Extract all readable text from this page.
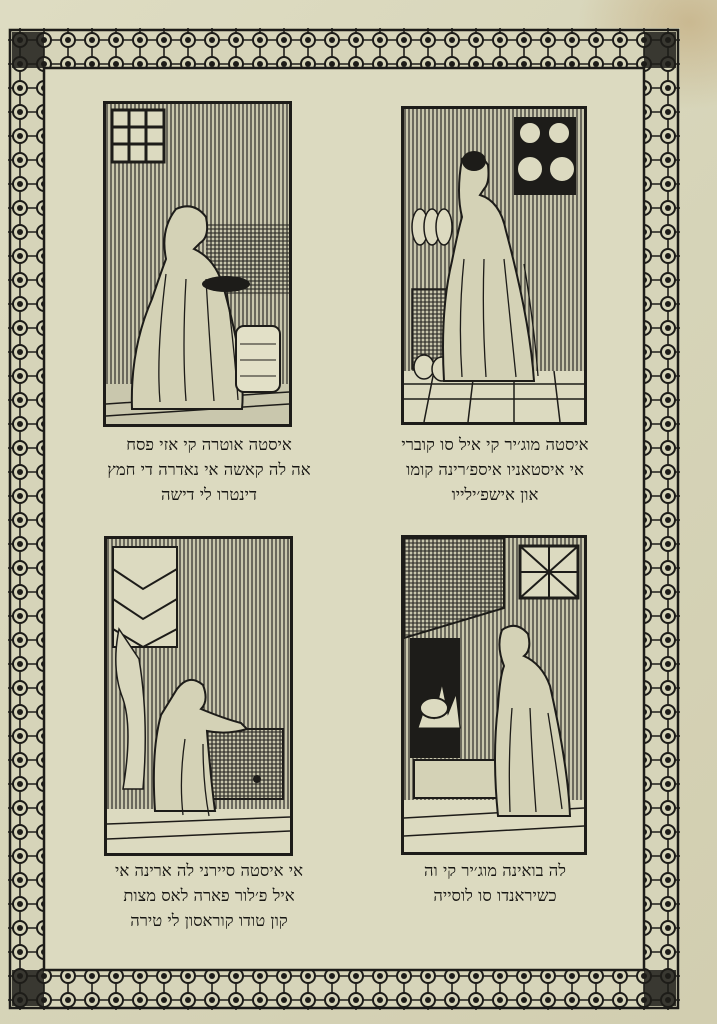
איסטה מוג׳יר קי איל סו קוברי
אי איסטאניו איספ׳רינה קומו
און אישפ׳ילייו
איסטה אוטרה קי אזי פסח
אה לה קאשה אי נאדרה די חמץ
דינטרו לי דישה
לה בואינה מוג׳יר קי וה
כשיראנדו סו לוסייה
אי איסטה סיירני לה ארינה אי
איל פ׳לור פארה לאס מצות
קון טודו קוראסון לי טירה
